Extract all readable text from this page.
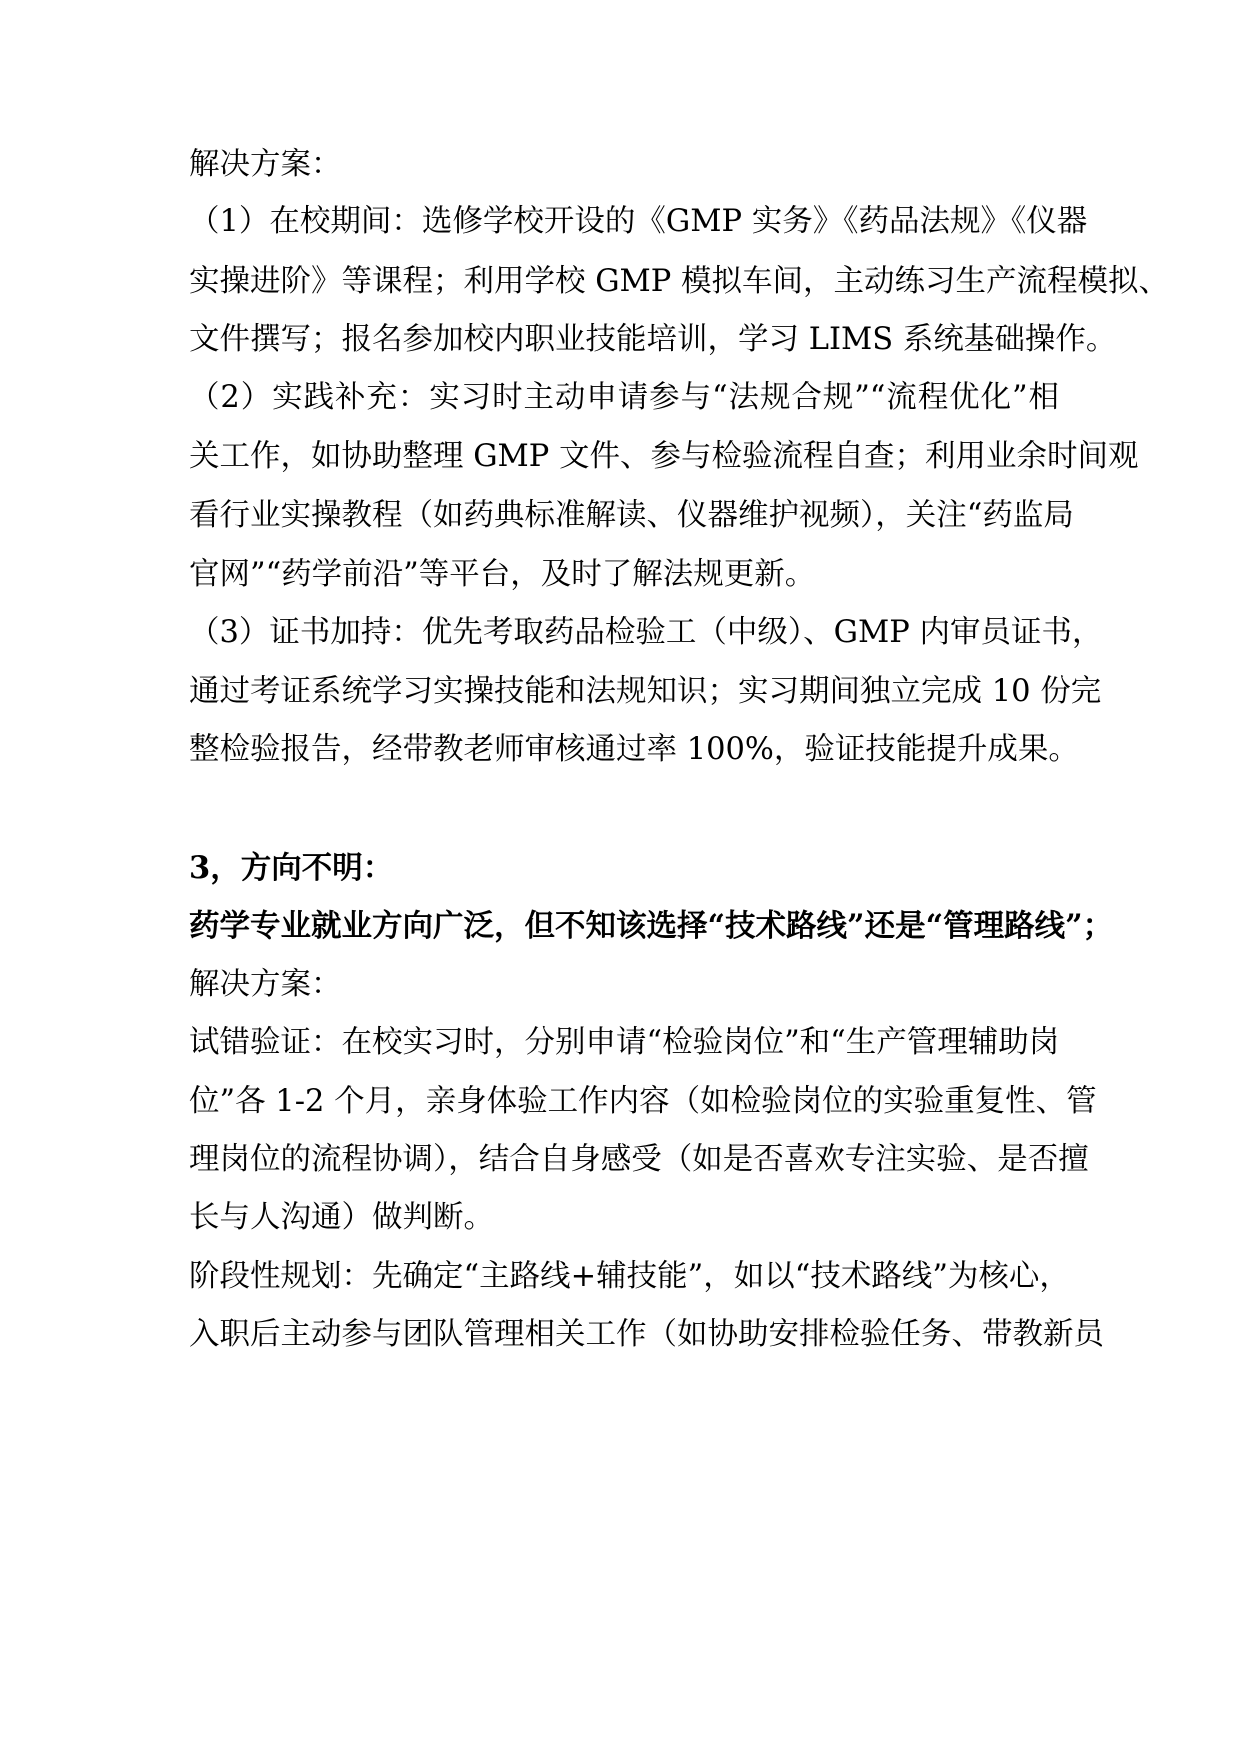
解决方案：
（1）在校期间：选修学校开设的《GMP 实务》《药品法规》《仪器
实操进阶》等课程；利用学校 GMP 模拟车间，主动练习生产流程模拟、
文件撰写；报名参加校内职业技能培训，学习 LIMS 系统基础操作。
（2）实践补充：实习时主动申请参与“法规合规”“流程优化”相
关工作，如协助整理 GMP 文件、参与检验流程自查；利用业余时间观
看行业实操教程（如药典标准解读、仪器维护视频），关注“药监局
官网”“药学前沿”等平台，及时了解法规更新。
（3）证书加持：优先考取药品检验工（中级）、GMP 内审员证书，
通过考证系统学习实操技能和法规知识；实习期间独立完成 10 份完
整检验报告，经带教老师审核通过率 100%，验证技能提升成果。
3，方向不明：
药学专业就业方向广泛，但不知该选择“技术路线”还是“管理路线”；
解决方案：
试错验证：在校实习时，分别申请“检验岗位”和“生产管理辅助岗
位”各 1-2 个月，亲身体验工作内容（如检验岗位的实验重复性、管
理岗位的流程协调），结合自身感受（如是否喜欢专注实验、是否擅
长与人沟通）做判断。
阶段性规划：先确定“主路线+辅技能”，如以“技术路线”为核心，
入职后主动参与团队管理相关工作（如协助安排检验任务、带教新员
